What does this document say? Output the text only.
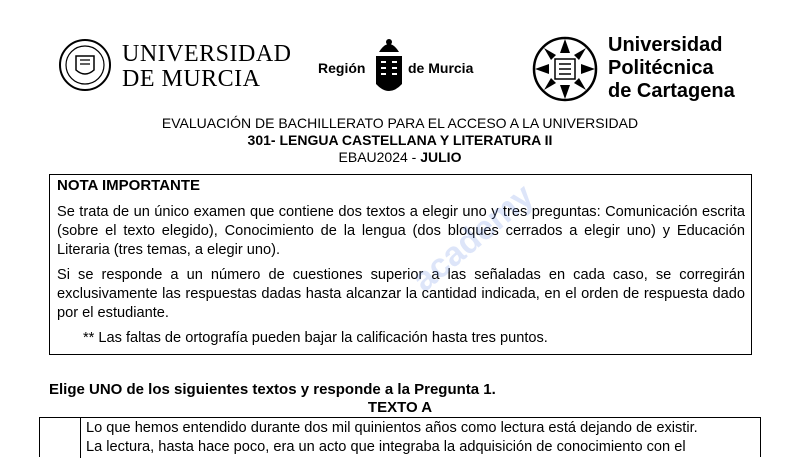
UNIVERSIDAD
DE MURCIA	Región	de Murcia
Universidad
Politécnica
de Cartagena
EVALUACIÓN DE BACHILLERATO PARA EL ACCESO A LA UNIVERSIDAD
301- LENGUA CASTELLANA Y LITERATURA II
EBAU2024 - JULIO
NOTA IMPORTANTE
Se trata de un único examen que contiene dos textos a elegir uno y tres preguntas: Comunicación escrita (sobre el texto elegido), Conocimiento de la lengua (dos bloques cerrados a elegir uno) y Educación Literaria (tres temas, a elegir uno).
Si se responde a un número de cuestiones superior a las señaladas en cada caso, se corregirán exclusivamente las respuestas dadas hasta alcanzar la cantidad indicada, en el orden de respuesta dado por el estudiante.
** Las faltas de ortografía pueden bajar la calificación hasta tres puntos.
Elige UNO de los siguientes textos y responde a la Pregunta 1.
TEXTO A
Lo que hemos entendido durante dos mil quinientos años como lectura está dejando de existir.
La lectura, hasta hace poco, era un acto que integraba la adquisición de conocimiento con el
academy
